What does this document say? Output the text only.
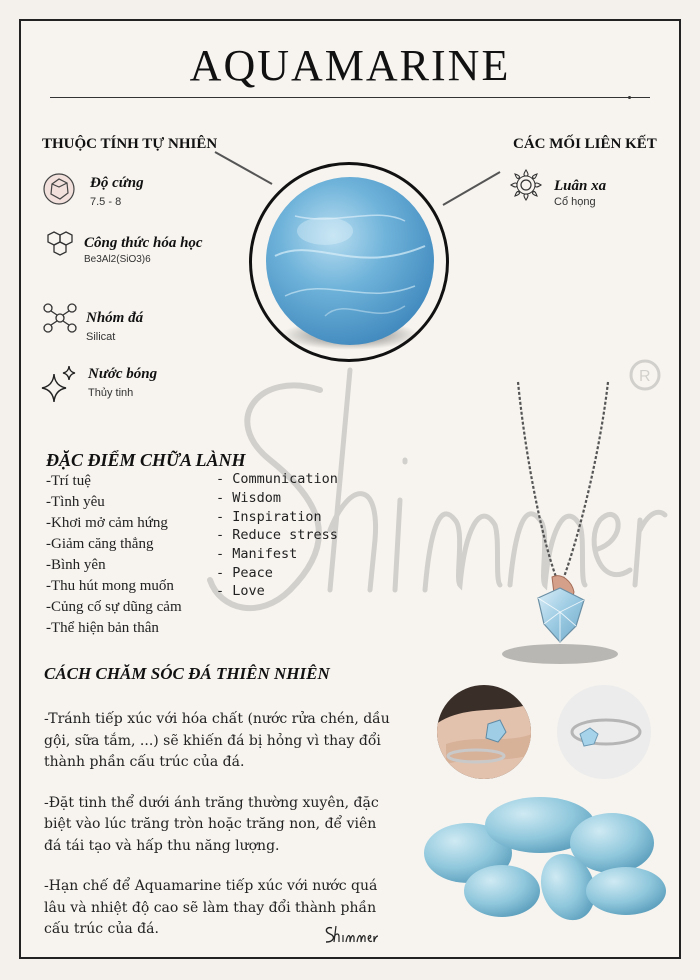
R
AQUAMARINE
THUỘC TÍNH TỰ NHIÊN	CÁC MỐI LIÊN KẾT
Độ cứng
7.5 - 8
Công thức hóa học
Be3Al2(SiO3)6
Nhóm đá
Silicat
Nước bóng
Thủy tinh
Luân xa
Cổ họng
ĐẶC ĐIỂM CHỮA LÀNH
-Trí tuệ
-Tình yêu
-Khơi mở cảm hứng
-Giảm căng thẳng
-Bình yên
-Thu hút mong muốn
-Củng cố sự dũng cảm
-Thể hiện bản thân
- Communication
- Wisdom
- Inspiration
- Reduce stress
- Manifest
- Peace
- Love
CÁCH CHĂM SÓC ĐÁ THIÊN NHIÊN

-Tránh tiếp xúc với hóa chất (nước rửa chén, dầu gội, sữa tắm, ...) sẽ khiến đá bị hỏng vì thay đổi thành phần cấu trúc của đá.

-Đặt tinh thể dưới ánh trăng thường xuyên, đặc biệt vào lúc trăng tròn hoặc trăng non, để viên đá tái tạo và hấp thu năng lượng.

-Hạn chế để Aquamarine tiếp xúc với nước quá lâu và nhiệt độ cao sẽ làm thay đổi thành phần cấu trúc của đá.
